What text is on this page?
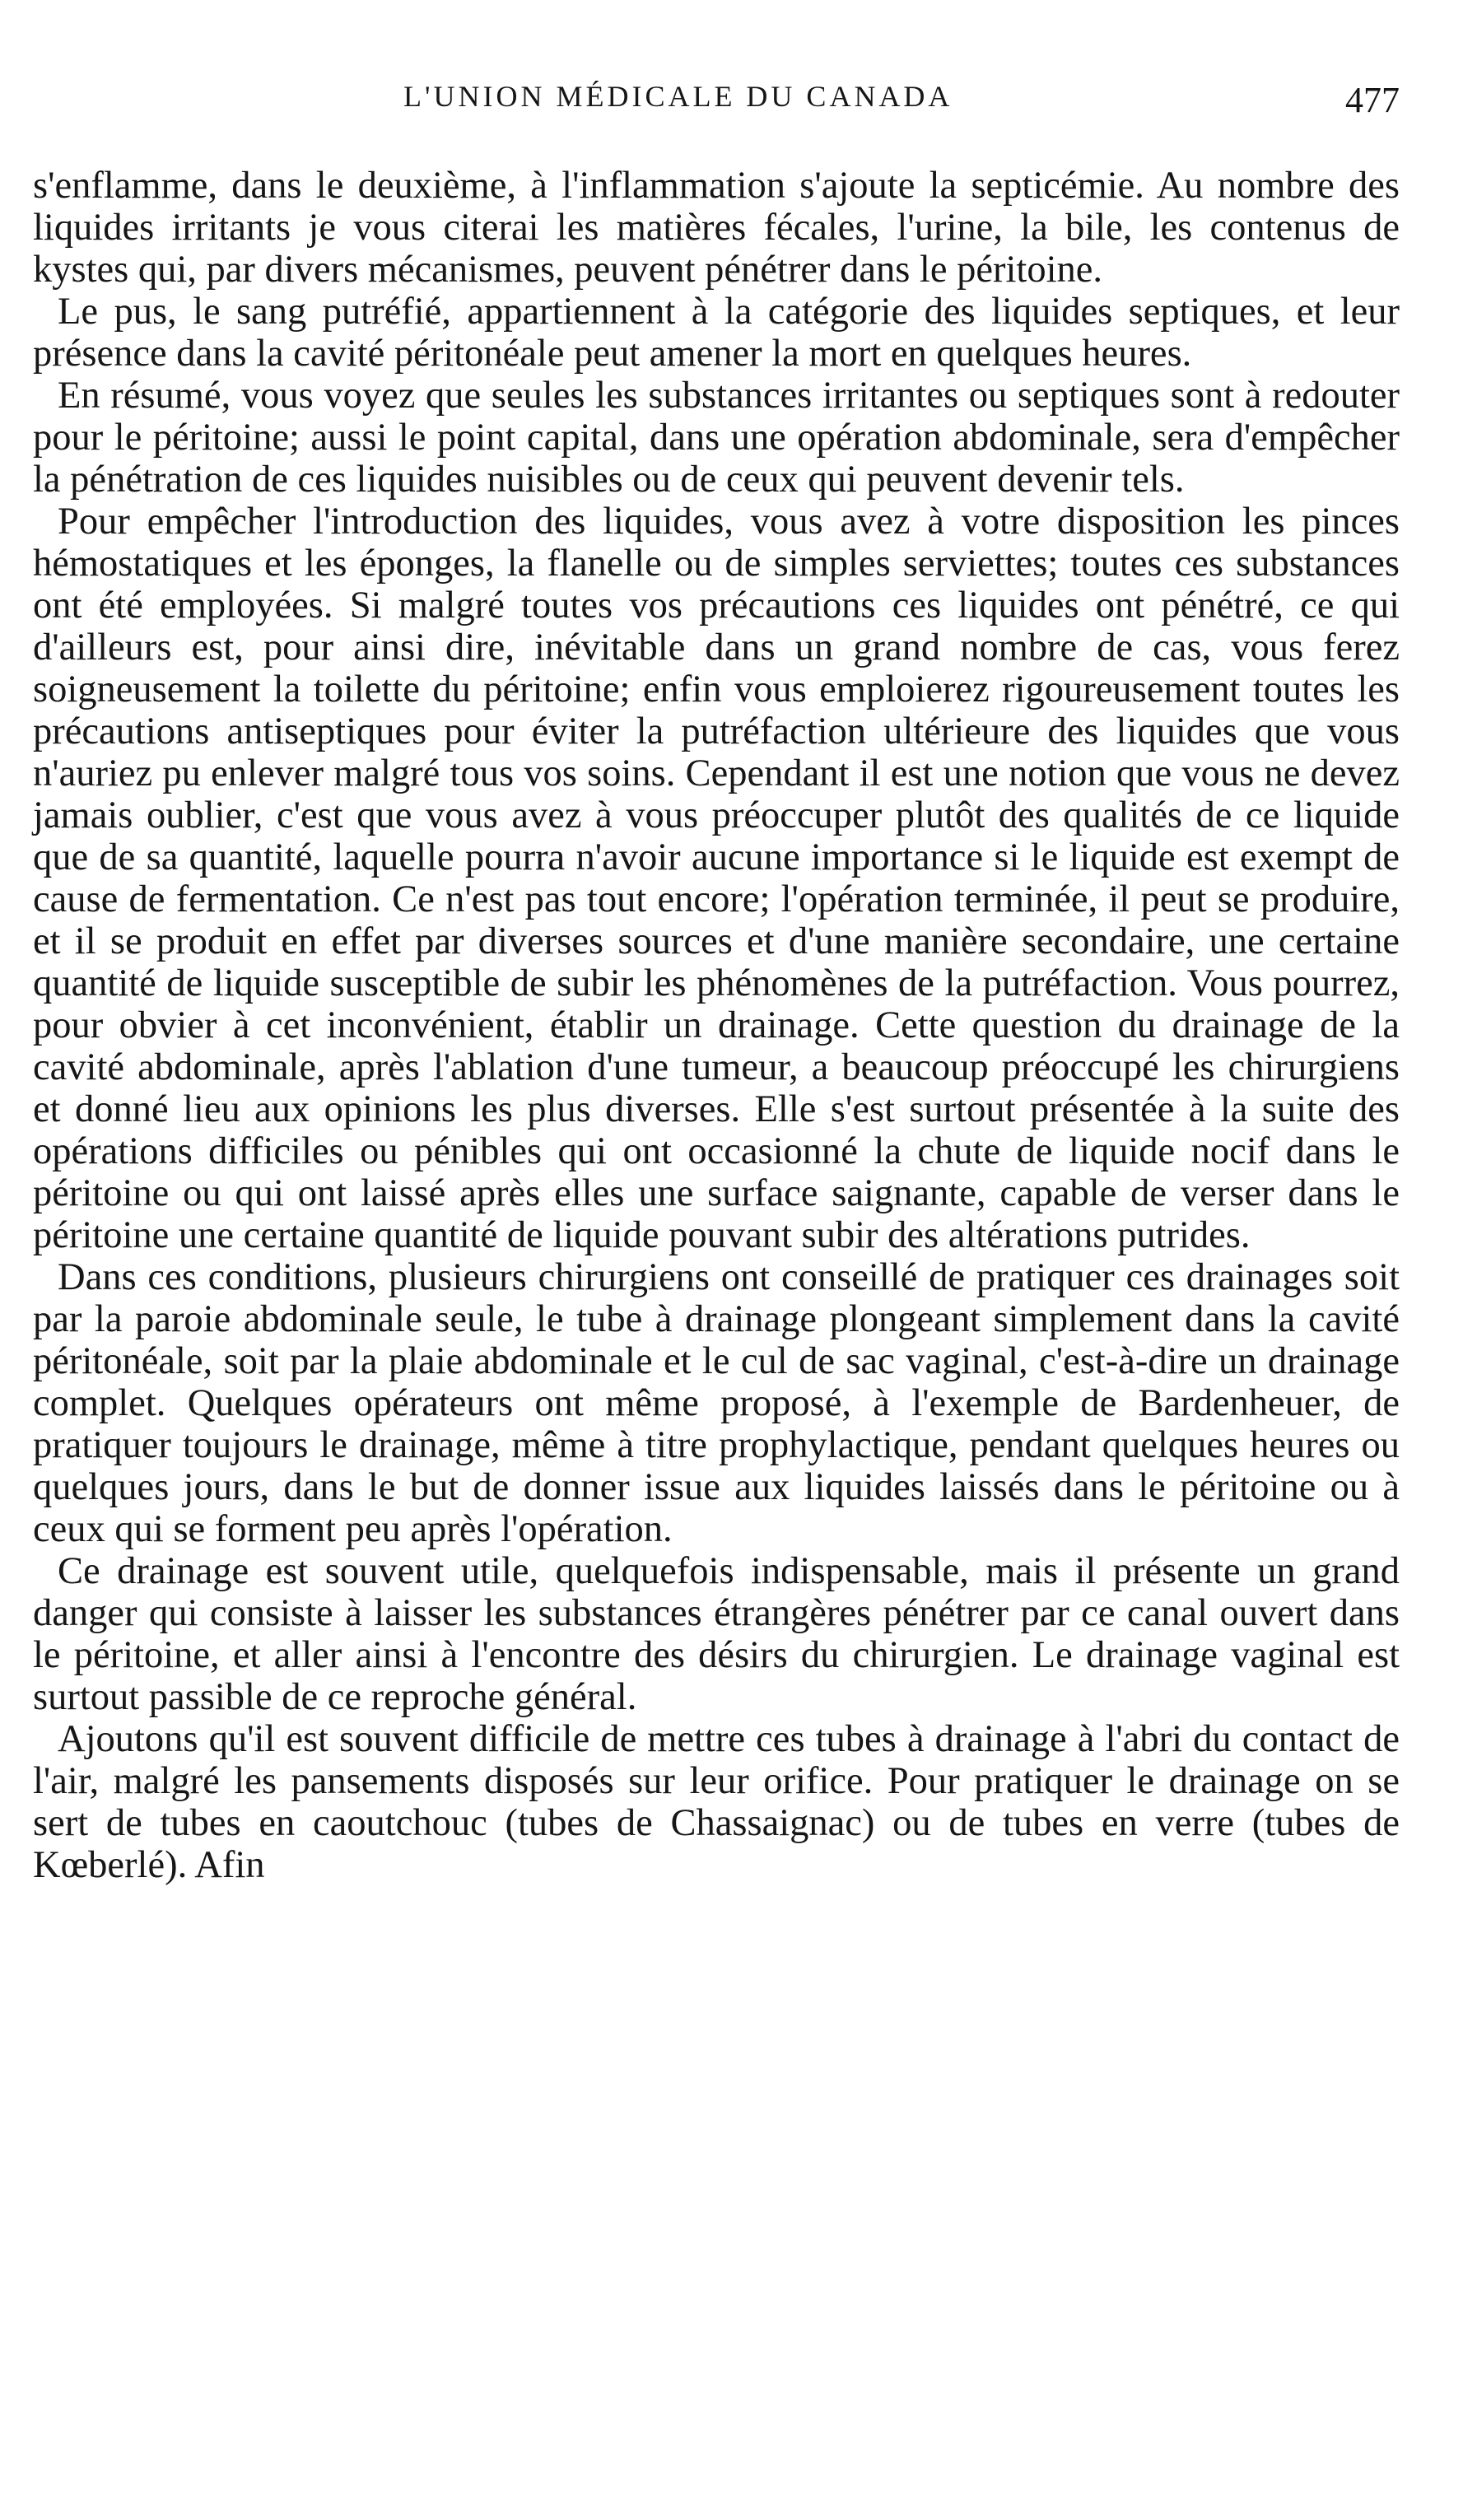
L'UNION MÉDICALE DU CANADA	477

s'enflamme, dans le deuxième, à l'inflammation s'ajoute la septicémie. Au nombre des liquides irritants je vous citerai les matières fécales, l'urine, la bile, les contenus de kystes qui, par divers mécanismes, peuvent pénétrer dans le péritoine.

Le pus, le sang putréfié, appartiennent à la catégorie des liquides septiques, et leur présence dans la cavité péritonéale peut amener la mort en quelques heures.

En résumé, vous voyez que seules les substances irritantes ou septiques sont à redouter pour le péritoine; aussi le point capital, dans une opération abdominale, sera d'empêcher la pénétration de ces liquides nuisibles ou de ceux qui peuvent devenir tels.

Pour empêcher l'introduction des liquides, vous avez à votre disposition les pinces hémostatiques et les éponges, la flanelle ou de simples serviettes; toutes ces substances ont été employées. Si malgré toutes vos précautions ces liquides ont pénétré, ce qui d'ailleurs est, pour ainsi dire, inévitable dans un grand nombre de cas, vous ferez soigneusement la toilette du péritoine; enfin vous emploierez rigoureusement toutes les précautions antiseptiques pour éviter la putréfaction ultérieure des liquides que vous n'auriez pu enlever malgré tous vos soins. Cependant il est une notion que vous ne devez jamais oublier, c'est que vous avez à vous préoccuper plutôt des qualités de ce liquide que de sa quantité, laquelle pourra n'avoir aucune importance si le liquide est exempt de cause de fermentation. Ce n'est pas tout encore; l'opération terminée, il peut se produire, et il se produit en effet par diverses sources et d'une manière secondaire, une certaine quantité de liquide susceptible de subir les phénomènes de la putréfaction. Vous pourrez, pour obvier à cet inconvénient, établir un drainage. Cette question du drainage de la cavité abdominale, après l'ablation d'une tumeur, a beaucoup préoccupé les chirurgiens et donné lieu aux opinions les plus diverses. Elle s'est surtout présentée à la suite des opérations difficiles ou pénibles qui ont occasionné la chute de liquide nocif dans le péritoine ou qui ont laissé après elles une surface saignante, capable de verser dans le péritoine une certaine quantité de liquide pouvant subir des altérations putrides.

Dans ces conditions, plusieurs chirurgiens ont conseillé de pratiquer ces drainages soit par la paroie abdominale seule, le tube à drainage plongeant simplement dans la cavité péritonéale, soit par la plaie abdominale et le cul de sac vaginal, c'est-à-dire un drainage complet. Quelques opérateurs ont même proposé, à l'exemple de Bardenheuer, de pratiquer toujours le drainage, même à titre prophylactique, pendant quelques heures ou quelques jours, dans le but de donner issue aux liquides laissés dans le péritoine ou à ceux qui se forment peu après l'opération.

Ce drainage est souvent utile, quelquefois indispensable, mais il présente un grand danger qui consiste à laisser les substances étrangères pénétrer par ce canal ouvert dans le péritoine, et aller ainsi à l'encontre des désirs du chirurgien. Le drainage vaginal est surtout passible de ce reproche général.

Ajoutons qu'il est souvent difficile de mettre ces tubes à drainage à l'abri du contact de l'air, malgré les pansements disposés sur leur orifice. Pour pratiquer le drainage on se sert de tubes en caoutchouc (tubes de Chassaignac) ou de tubes en verre (tubes de Kœberlé). Afin
